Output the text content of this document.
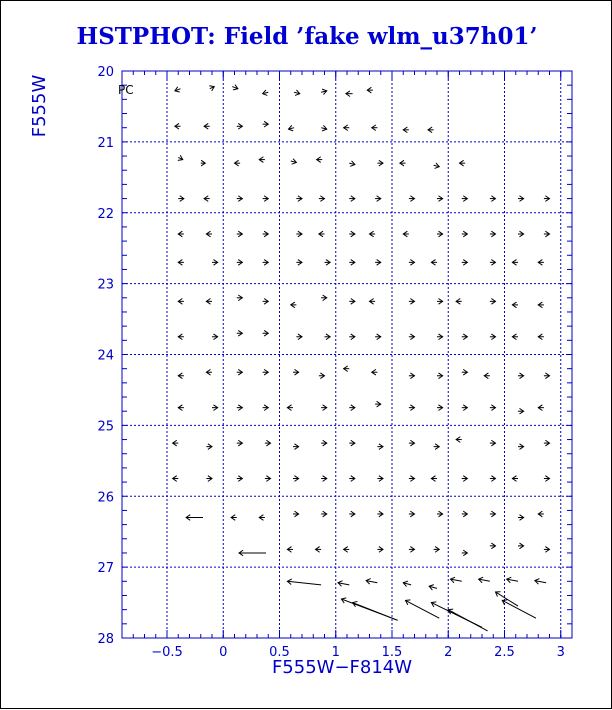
HSTPHOT: Field ’fake wlm_u37h01’
−0.5	0	0.5	1	1.5	2	2.5	3
20
21
22
23
24
25
26
27
28
PC
F555W−F814W
F555W
